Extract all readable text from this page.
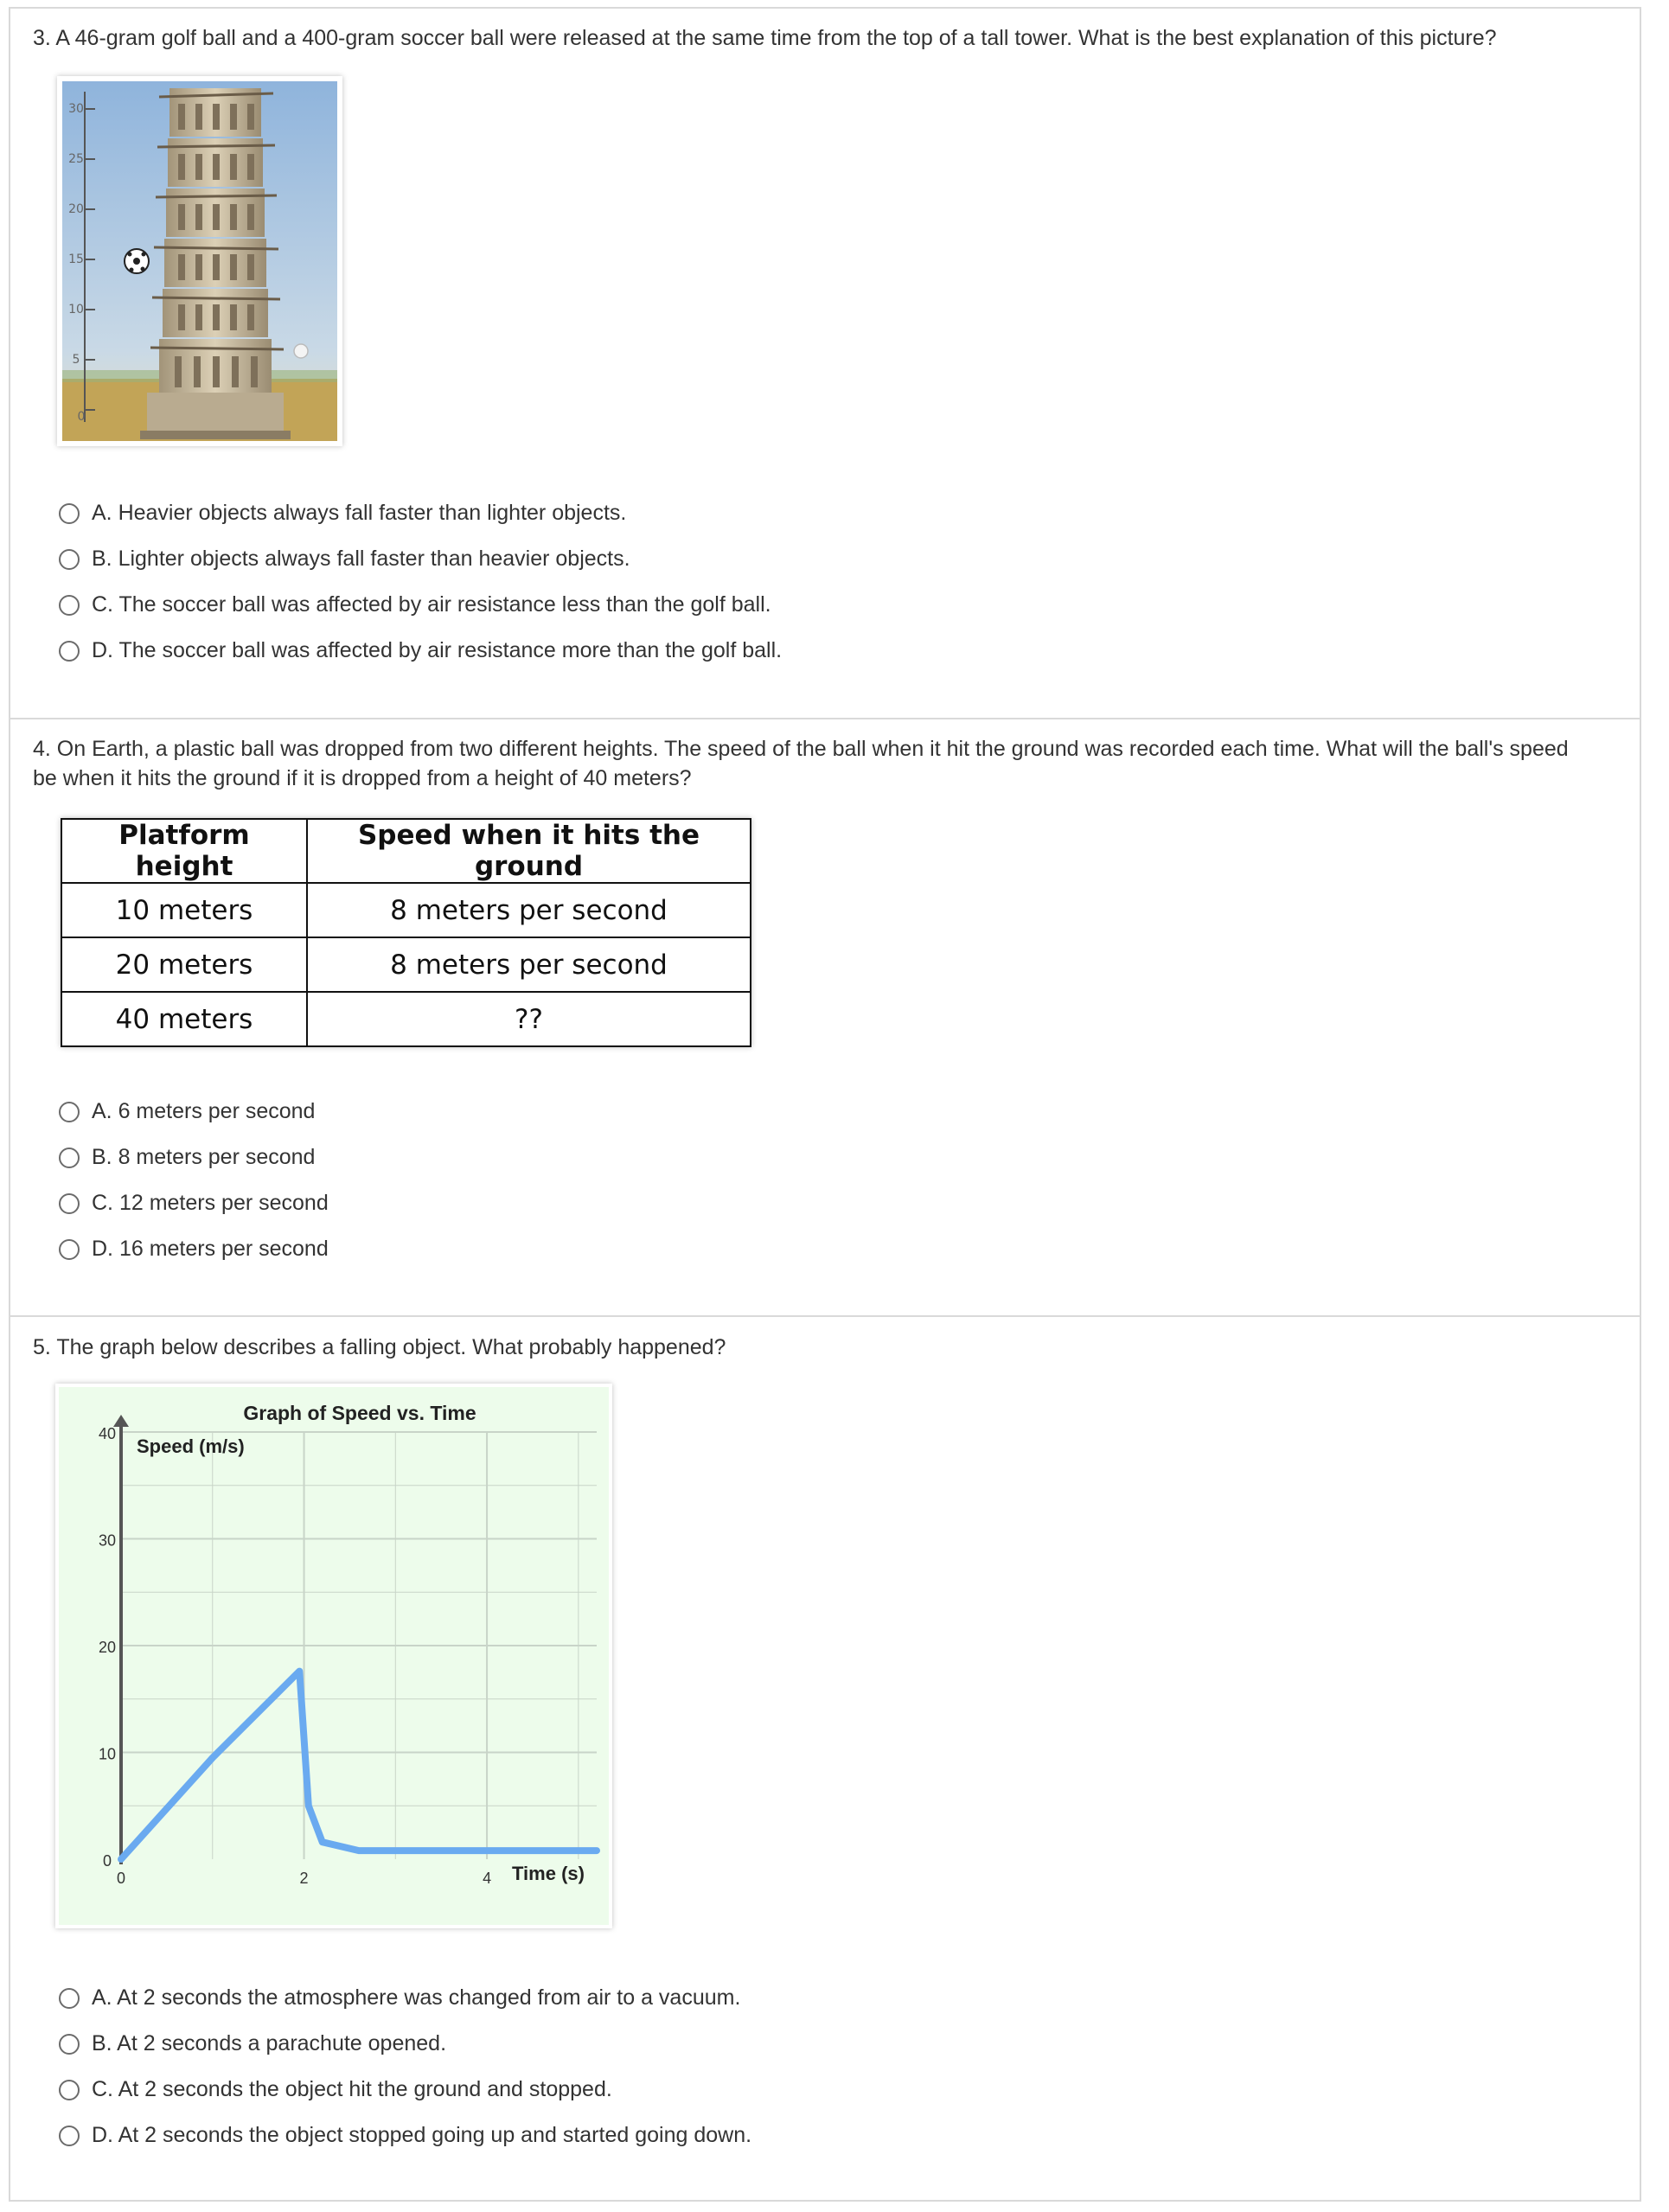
3. A 46-gram golf ball and a 400-gram soccer ball were released at the same time from the top of a tall tower. What is the best explanation of this picture?
30
25
20
15
10
5
0
A. Heavier objects always fall faster than lighter objects.
B. Lighter objects always fall faster than heavier objects.
C. The soccer ball was affected by air resistance less than the golf ball.
D. The soccer ball was affected by air resistance more than the golf ball.
4. On Earth, a plastic ball was dropped from two different heights. The speed of the ball when it hit the ground was recorded each time. What will the ball's speed be when it hits the ground if it is dropped from a height of 40 meters?
Platform height	Speed when it hits the ground
10 meters	8 meters per second
20 meters	8 meters per second
40 meters	??
A. 6 meters per second
B. 8 meters per second
C. 12 meters per second
D. 16 meters per second
5. The graph below describes a falling object. What probably happened?
Graph of Speed vs. Time
Speed (m/s)
Time (s)
0
10
20
30
40
0	2	4
A. At 2 seconds the atmosphere was changed from air to a vacuum.
B. At 2 seconds a parachute opened.
C. At 2 seconds the object hit the ground and stopped.
D. At 2 seconds the object stopped going up and started going down.
